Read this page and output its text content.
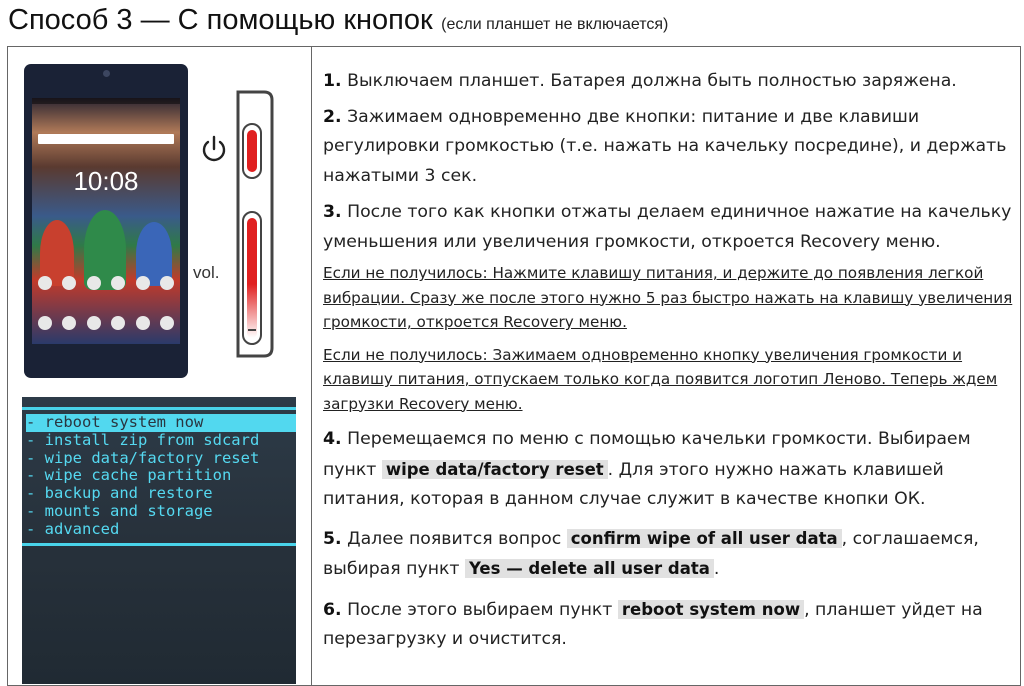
Способ 3 — С помощью кнопок (если планшет не включается)
10:08
vol.
- reboot system now
- install zip from sdcard
- wipe data/factory reset
- wipe cache partition
- backup and restore
- mounts and storage
- advanced

1. Выключаем планшет. Батарея должна быть полностью заряжена.

2. Зажимаем одновременно две кнопки: питание и две клавиши регулировки громкостью (т.е. нажать на качельку посредине), и держать нажатыми 3 сек.

3. После того как кнопки отжаты делаем единичное нажатие на качельку уменьшения или увеличения громкости, откроется Recovery меню.

Если не получилось: Нажмите клавишу питания, и держите до появления легкой вибрации. Сразу же после этого нужно 5 раз быстро нажать на клавишу увеличения громкости, откроется Recovery меню.

Если не получилось: Зажимаем одновременно кнопку увеличения громкости и клавишу питания, отпускаем только когда появится логотип Леново. Теперь ждем загрузки Recovery меню.

4. Перемещаемся по меню с помощью качельки громкости. Выбираем пункт wipe data/factory reset . Для этого нужно нажать клавишей питания, которая в данном случае служит в качестве кнопки ОК.

5. Далее появится вопрос confirm wipe of all user data , соглашаемся, выбирая пункт Yes — delete all user data .

6. После этого выбираем пункт reboot system now , планшет уйдет на перезагрузку и очистится.
